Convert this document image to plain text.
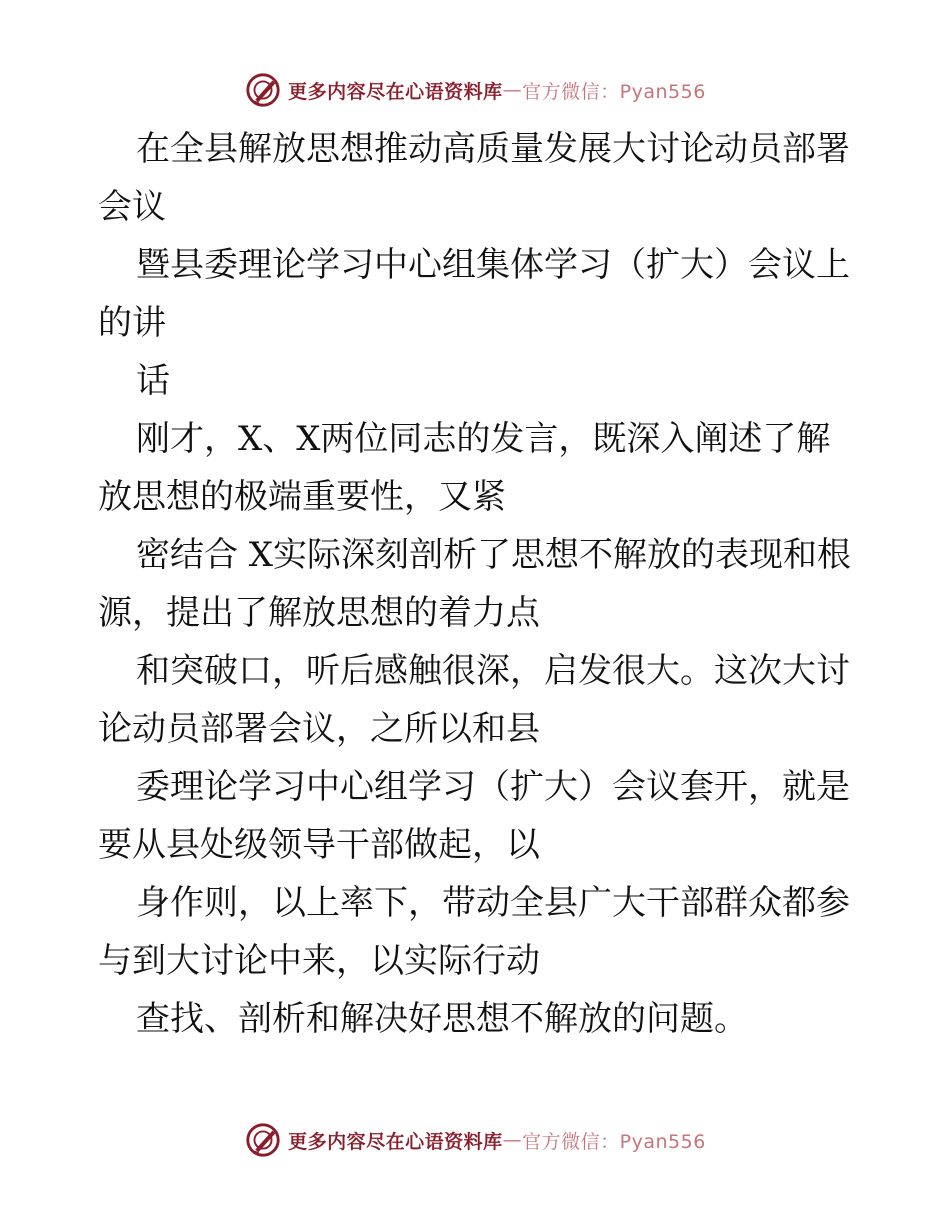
更多内容尽在心语资料库 — 官方微信：Pyan556

在全县解放思想推动高质量发展大讨论动员部署会议

暨县委理论学习中心组集体学习（扩大）会议上的讲

话

刚才，X、X两位同志的发言，既深入阐述了解放思想的极端重要性，又紧

密结合 X实际深刻剖析了思想不解放的表现和根源，提出了解放思想的着力点

和突破口，听后感触很深，启发很大。这次大讨论动员部署会议，之所以和县

委理论学习中心组学习（扩大）会议套开，就是要从县处级领导干部做起，以

身作则，以上率下，带动全县广大干部群众都参与到大讨论中来，以实际行动

查找、剖析和解决好思想不解放的问题。

更多内容尽在心语资料库 — 官方微信：Pyan556
